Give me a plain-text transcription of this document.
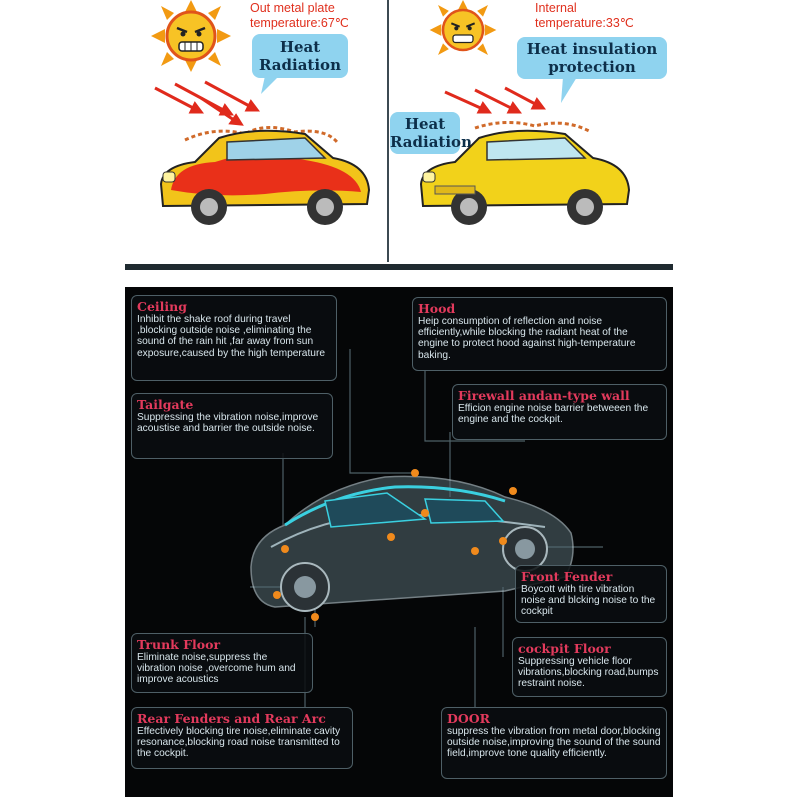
Out metal plate
temperature:67℃
Heat
Radiation
Internal
temperature:33℃
Heat insulation
protection
Heat
Radiation
Ceiling
Inhibit the shake roof during travel ,blocking outside noise ,eliminating the sound of the rain hit ,far away from sun exposure,caused by the high temperature
Hood
Heip consumption of reflection and noise efficiently,while blocking the radiant heat of the engine to protect hood against high-temperature baking.
Tailgate
Suppressing the vibration noise,improve acoustise and barrier the outside noise.
Firewall andan-type wall
Efficion engine noise barrier betweeen the engine and the cockpit.
Front Fender
Boycott with tire vibration noise and blcking noise to the cockpit
Trunk Floor
Eliminate noise,suppress the vibration noise ,overcome hum and improve acoustics
cockpit Floor
Suppressing vehicle floor vibrations,blocking road,bumps restraint noise.
Rear Fenders and Rear Arc
Effectively blocking tire noise,eliminate cavity resonance,blocking road noise transmitted to the cockpit.
DOOR
suppress the vibration from metal door,blocking outside noise,improving the sound of the sound field,improve tone quality efficiently.
